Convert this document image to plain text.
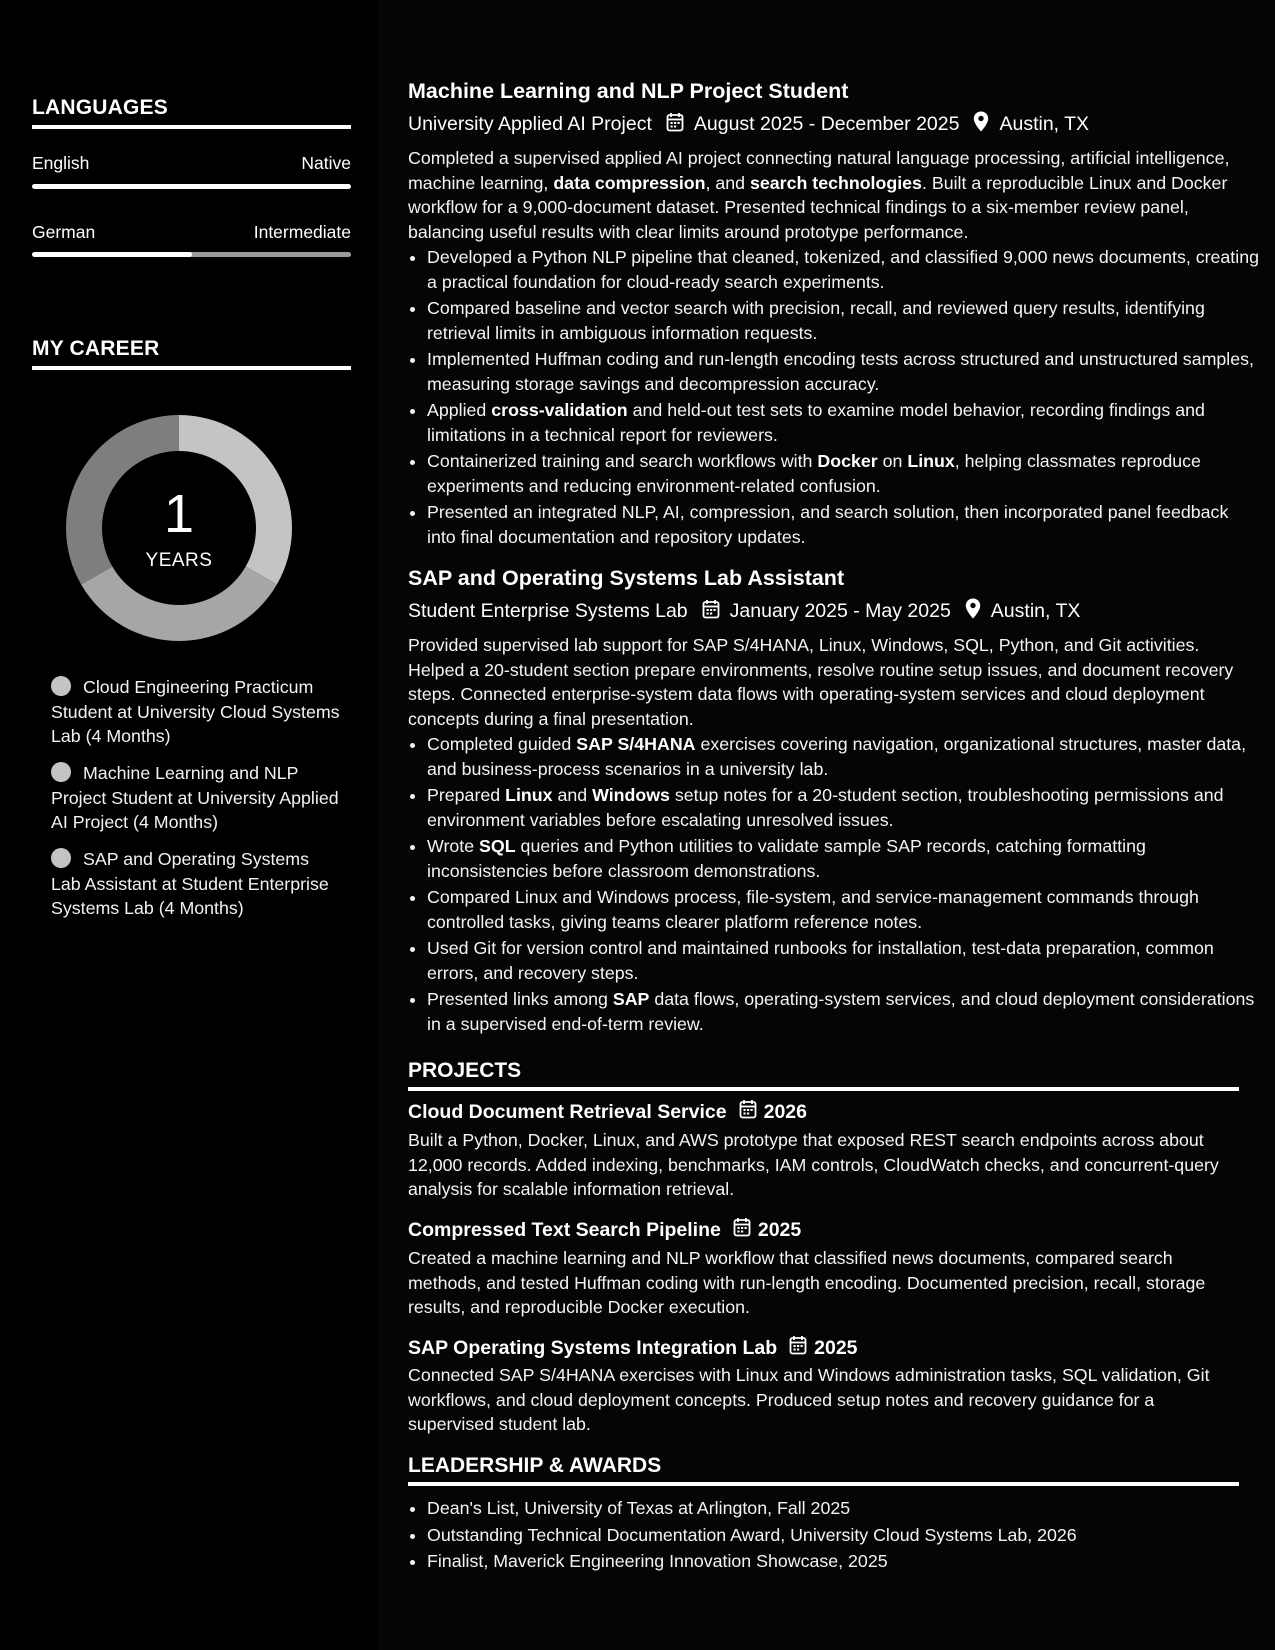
LANGUAGES
English	Native
German	Intermediate
MY CAREER
1
YEARS
Cloud Engineering Practicum Student at University Cloud Systems Lab (4 Months)
Machine Learning and NLP Project Student at University Applied AI Project (4 Months)
SAP and Operating Systems Lab Assistant at Student Enterprise Systems Lab (4 Months)
Machine Learning and NLP Project Student
University Applied AI Project August 2025 - December 2025 Austin, TX
Completed a supervised applied AI project connecting natural language processing, artificial intelligence, machine learning, data compression, and search technologies. Built a reproducible Linux and Docker workflow for a 9,000-document dataset. Presented technical findings to a six-member review panel, balancing useful results with clear limits around prototype performance.
• Developed a Python NLP pipeline that cleaned, tokenized, and classified 9,000 news documents, creating a practical foundation for cloud-ready search experiments.
• Compared baseline and vector search with precision, recall, and reviewed query results, identifying retrieval limits in ambiguous information requests.
• Implemented Huffman coding and run-length encoding tests across structured and unstructured samples, measuring storage savings and decompression accuracy.
• Applied cross-validation and held-out test sets to examine model behavior, recording findings and limitations in a technical report for reviewers.
• Containerized training and search workflows with Docker on Linux, helping classmates reproduce experiments and reducing environment-related confusion.
• Presented an integrated NLP, AI, compression, and search solution, then incorporated panel feedback into final documentation and repository updates.
SAP and Operating Systems Lab Assistant
Student Enterprise Systems Lab January 2025 - May 2025 Austin, TX
Provided supervised lab support for SAP S/4HANA, Linux, Windows, SQL, Python, and Git activities. Helped a 20-student section prepare environments, resolve routine setup issues, and document recovery steps. Connected enterprise-system data flows with operating-system services and cloud deployment concepts during a final presentation.
• Completed guided SAP S/4HANA exercises covering navigation, organizational structures, master data, and business-process scenarios in a university lab.
• Prepared Linux and Windows setup notes for a 20-student section, troubleshooting permissions and environment variables before escalating unresolved issues.
• Wrote SQL queries and Python utilities to validate sample SAP records, catching formatting inconsistencies before classroom demonstrations.
• Compared Linux and Windows process, file-system, and service-management commands through controlled tasks, giving teams clearer platform reference notes.
• Used Git for version control and maintained runbooks for installation, test-data preparation, common errors, and recovery steps.
• Presented links among SAP data flows, operating-system services, and cloud deployment considerations in a supervised end-of-term review.
PROJECTS
Cloud Document Retrieval Service 2026
Built a Python, Docker, Linux, and AWS prototype that exposed REST search endpoints across about 12,000 records. Added indexing, benchmarks, IAM controls, CloudWatch checks, and concurrent-query analysis for scalable information retrieval.
Compressed Text Search Pipeline 2025
Created a machine learning and NLP workflow that classified news documents, compared search methods, and tested Huffman coding with run-length encoding. Documented precision, recall, storage results, and reproducible Docker execution.
SAP Operating Systems Integration Lab 2025
Connected SAP S/4HANA exercises with Linux and Windows administration tasks, SQL validation, Git workflows, and cloud deployment concepts. Produced setup notes and recovery guidance for a supervised student lab.
LEADERSHIP & AWARDS
• Dean's List, University of Texas at Arlington, Fall 2025
• Outstanding Technical Documentation Award, University Cloud Systems Lab, 2026
• Finalist, Maverick Engineering Innovation Showcase, 2025
